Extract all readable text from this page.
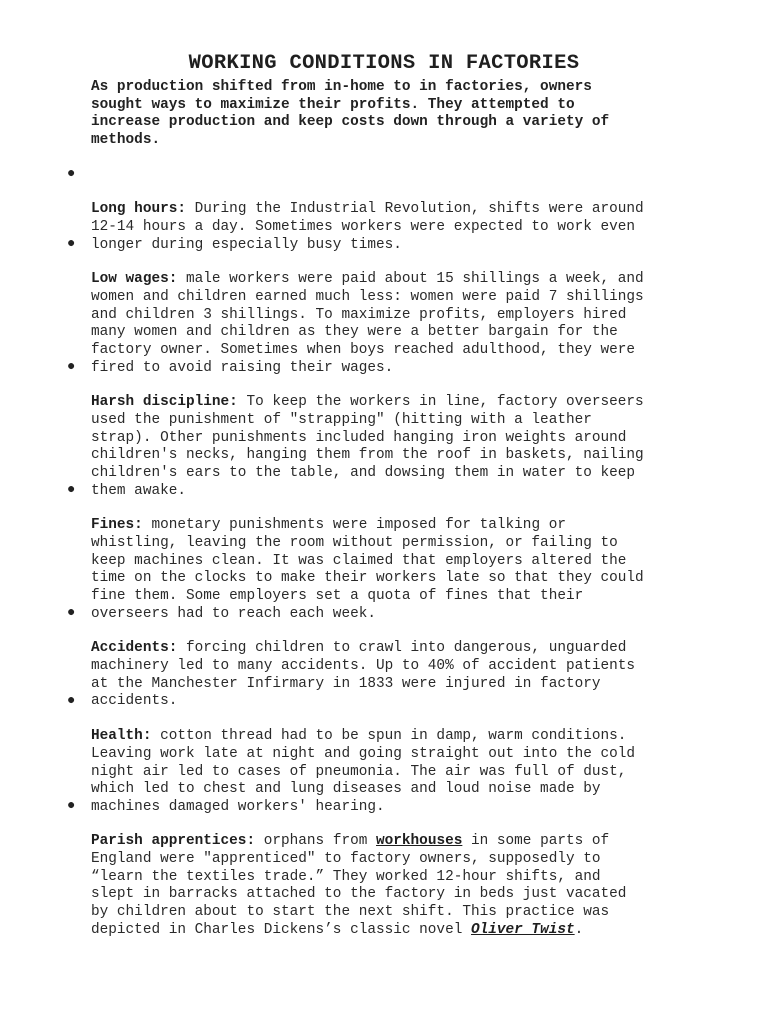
WORKING CONDITIONS IN FACTORIES
As production shifted from in-home to in factories, owners
sought ways to maximize their profits. They attempted to
increase production and keep costs down through a variety of
methods.

●

Long hours: During the Industrial Revolution, shifts were around
12-14 hours a day. Sometimes workers were expected to work even
longer during especially busy times.

●

Low wages: male workers were paid about 15 shillings a week, and
women and children earned much less: women were paid 7 shillings
and children 3 shillings. To maximize profits, employers hired
many women and children as they were a better bargain for the
factory owner. Sometimes when boys reached adulthood, they were
fired to avoid raising their wages.

●

Harsh discipline: To keep the workers in line, factory overseers
used the punishment of "strapping" (hitting with a leather
strap). Other punishments included hanging iron weights around
children's necks, hanging them from the roof in baskets, nailing
children's ears to the table, and dowsing them in water to keep
them awake.

●

Fines: monetary punishments were imposed for talking or
whistling, leaving the room without permission, or failing to
keep machines clean. It was claimed that employers altered the
time on the clocks to make their workers late so that they could
fine them. Some employers set a quota of fines that their
overseers had to reach each week.

●

Accidents: forcing children to crawl into dangerous, unguarded
machinery led to many accidents. Up to 40% of accident patients
at the Manchester Infirmary in 1833 were injured in factory
accidents.

●

Health: cotton thread had to be spun in damp, warm conditions.
Leaving work late at night and going straight out into the cold
night air led to cases of pneumonia. The air was full of dust,
which led to chest and lung diseases and loud noise made by
machines damaged workers' hearing.

●

Parish apprentices: orphans from workhouses in some parts of
England were "apprenticed" to factory owners, supposedly to
“learn the textiles trade.” They worked 12-hour shifts, and
slept in barracks attached to the factory in beds just vacated
by children about to start the next shift. This practice was
depicted in Charles Dickens’s classic novel Oliver Twist.
